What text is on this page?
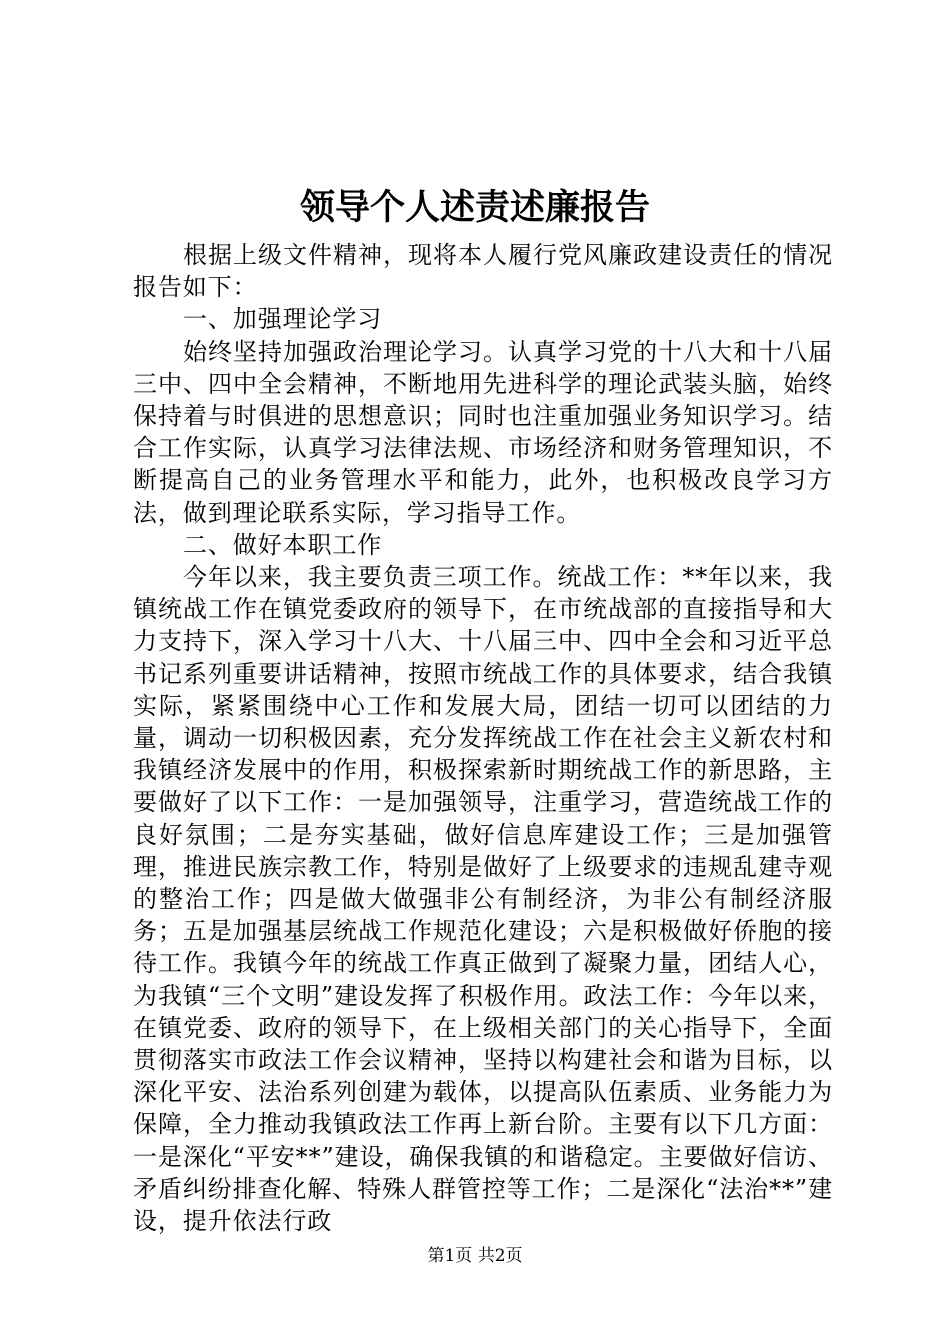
领导个人述责述廉报告

根据上级文件精神，现将本人履行党风廉政建设责任的情况报告如下：

一、加强理论学习

始终坚持加强政治理论学习。认真学习党的十八大和十八届三中、四中全会精神，不断地用先进科学的理论武装头脑，始终保持着与时俱进的思想意识；同时也注重加强业务知识学习。结合工作实际，认真学习法律法规、市场经济和财务管理知识，不断提高自己的业务管理水平和能力，此外，也积极改良学习方法，做到理论联系实际，学习指导工作。

二、做好本职工作

今年以来，我主要负责三项工作。统战工作：**年以来，我镇统战工作在镇党委政府的领导下，在市统战部的直接指导和大力支持下，深入学习十八大、十八届三中、四中全会和习近平总书记系列重要讲话精神，按照市统战工作的具体要求，结合我镇实际，紧紧围绕中心工作和发展大局，团结一切可以团结的力量，调动一切积极因素，充分发挥统战工作在社会主义新农村和我镇经济发展中的作用，积极探索新时期统战工作的新思路，主要做好了以下工作：一是加强领导，注重学习，营造统战工作的良好氛围；二是夯实基础，做好信息库建设工作；三是加强管理，推进民族宗教工作，特别是做好了上级要求的违规乱建寺观的整治工作；四是做大做强非公有制经济，为非公有制经济服务；五是加强基层统战工作规范化建设；六是积极做好侨胞的接待工作。我镇今年的统战工作真正做到了凝聚力量，团结人心，为我镇“三个文明”建设发挥了积极作用。政法工作：今年以来，在镇党委、政府的领导下，在上级相关部门的关心指导下，全面贯彻落实市政法工作会议精神，坚持以构建社会和谐为目标，以深化平安、法治系列创建为载体，以提高队伍素质、业务能力为保障，全力推动我镇政法工作再上新台阶。主要有以下几方面：一是深化“平安**”建设，确保我镇的和谐稳定。主要做好信访、矛盾纠纷排查化解、特殊人群管控等工作；二是深化“法治**”建设，提升依法行政

第1页 共2页
